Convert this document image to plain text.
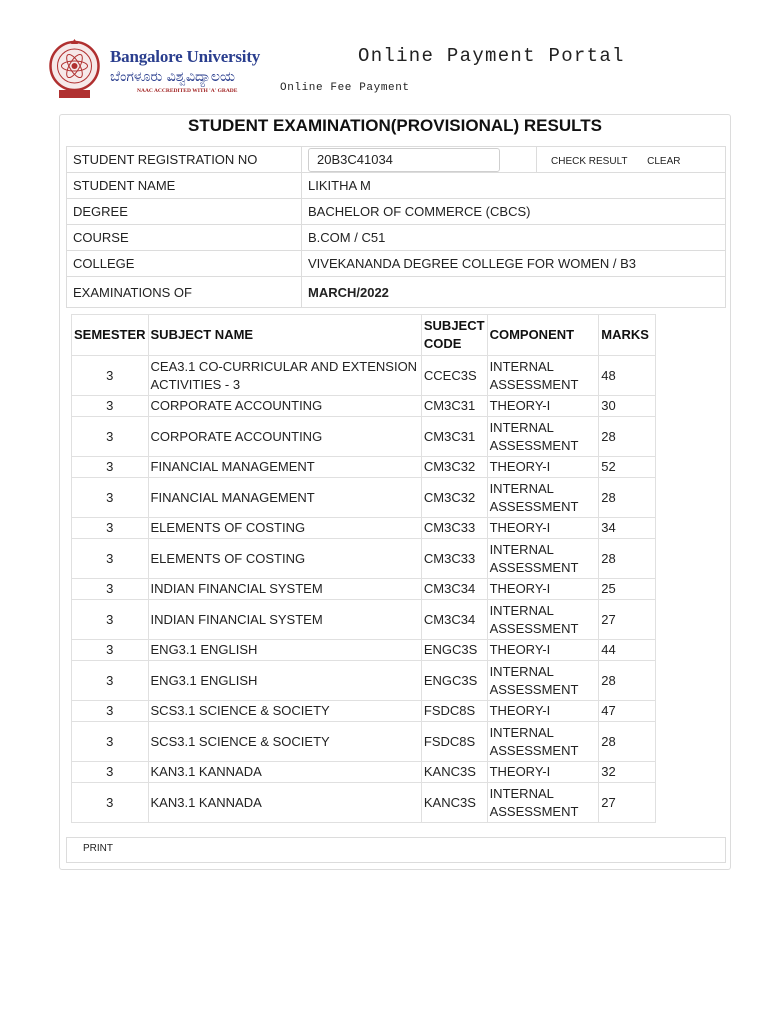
Bangalore University
ಬೆಂಗಳೂರು ವಿಶ್ವವಿದ್ಯಾಲಯ
NAAC ACCREDITED WITH 'A' GRADE
Online Payment Portal
Online Fee Payment
STUDENT EXAMINATION(PROVISIONAL) RESULTS
STUDENT REGISTRATION NO	20B3C41034	CHECK RESULT CLEAR
STUDENT NAME	LIKITHA M	
DEGREE	BACHELOR OF COMMERCE (CBCS)	
COURSE	B.COM / C51	
COLLEGE	VIVEKANANDA DEGREE COLLEGE FOR WOMEN / B3	
EXAMINATIONS OF	MARCH/2022	
SEMESTER	SUBJECT NAME	SUBJECT CODE	COMPONENT	MARKS
3	CEA3.1 CO-CURRICULAR AND EXTENSION ACTIVITIES - 3	CCEC3S	INTERNAL ASSESSMENT	48
3	CORPORATE ACCOUNTING	CM3C31	THEORY-I	30
3	CORPORATE ACCOUNTING	CM3C31	INTERNAL ASSESSMENT	28
3	FINANCIAL MANAGEMENT	CM3C32	THEORY-I	52
3	FINANCIAL MANAGEMENT	CM3C32	INTERNAL ASSESSMENT	28
3	ELEMENTS OF COSTING	CM3C33	THEORY-I	34
3	ELEMENTS OF COSTING	CM3C33	INTERNAL ASSESSMENT	28
3	INDIAN FINANCIAL SYSTEM	CM3C34	THEORY-I	25
3	INDIAN FINANCIAL SYSTEM	CM3C34	INTERNAL ASSESSMENT	27
3	ENG3.1 ENGLISH	ENGC3S	THEORY-I	44
3	ENG3.1 ENGLISH	ENGC3S	INTERNAL ASSESSMENT	28
3	SCS3.1 SCIENCE & SOCIETY	FSDC8S	THEORY-I	47
3	SCS3.1 SCIENCE & SOCIETY	FSDC8S	INTERNAL ASSESSMENT	28
3	KAN3.1 KANNADA	KANC3S	THEORY-I	32
3	KAN3.1 KANNADA	KANC3S	INTERNAL ASSESSMENT	27
PRINT
